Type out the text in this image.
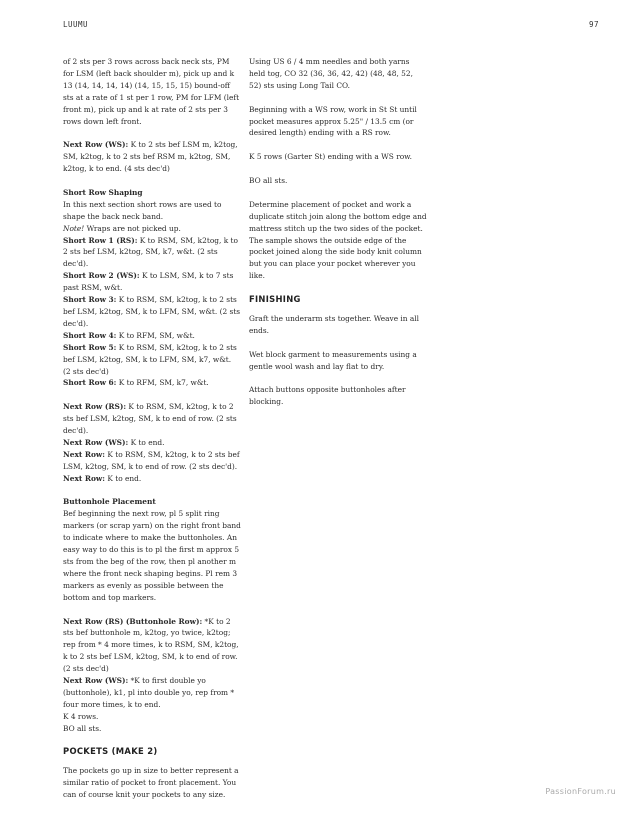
LUUMU	97

of 2 sts per 3 rows across back neck sts, PM for LSM (left back shoulder m), pick up and k 13 (14, 14, 14, 14) (14, 15, 15, 15) bound-off sts at a rate of 1 st per 1 row, PM for LFM (left front m), pick up and k at rate of 2 sts per 3 rows down left front.

Next Row (WS): K to 2 sts bef LSM m, k2tog, SM, k2tog, k to 2 sts bef RSM m, k2tog, SM, k2tog, k to end. (4 sts dec'd)

Short Row Shaping
In this next section short rows are used to shape the back neck band.
Note! Wraps are not picked up.
Short Row 1 (RS): K to RSM, SM, k2tog, k to 2 sts bef LSM, k2tog, SM, k7, w&t. (2 sts dec'd).
Short Row 2 (WS): K to LSM, SM, k to 7 sts past RSM, w&t.
Short Row 3: K to RSM, SM, k2tog, k to 2 sts bef LSM, k2tog, SM, k to LFM, SM, w&t. (2 sts dec'd).
Short Row 4: K to RFM, SM, w&t.
Short Row 5: K to RSM, SM, k2tog, k to 2 sts bef LSM, k2tog, SM, k to LFM, SM, k7, w&t. (2 sts dec'd)
Short Row 6: K to RFM, SM, k7, w&t.
Next Row (RS): K to RSM, SM, k2tog, k to 2 sts bef LSM, k2tog, SM, k to end of row. (2 sts dec'd).
Next Row (WS): K to end.
Next Row: K to RSM, SM, k2tog, k to 2 sts bef LSM, k2tog, SM, k to end of row. (2 sts dec'd).
Next Row: K to end.
Buttonhole Placement
Bef beginning the next row, pl 5 split ring markers (or scrap yarn) on the right front band to indicate where to make the buttonholes. An easy way to do this is to pl the first m approx 5 sts from the beg of the row, then pl another m where the front neck shaping begins. Pl rem 3 markers as evenly as possible between the bottom and top markers.
Next Row (RS) (Buttonhole Row): *K to 2 sts bef buttonhole m, k2tog, yo twice, k2tog; rep from * 4 more times, k to RSM, SM, k2tog, k to 2 sts bef LSM, k2tog, SM, k to end of row. (2 sts dec'd)
Next Row (WS): *K to first double yo (buttonhole), k1, pl into double yo, rep from * four more times, k to end.
K 4 rows.
BO all sts.
POCKETS (MAKE 2)

The pockets go up in size to better represent a similar ratio of pocket to front placement. You can of course knit your pockets to any size.

Using US 6 / 4 mm needles and both yarns held tog, CO 32 (36, 36, 42, 42) (48, 48, 52, 52) sts using Long Tail CO.

Beginning with a WS row, work in St St until pocket measures approx 5.25" / 13.5 cm (or desired length) ending with a RS row.

K 5 rows (Garter St) ending with a WS row.

BO all sts.

Determine placement of pocket and work a duplicate stitch join along the bottom edge and mattress stitch up the two sides of the pocket. The sample shows the outside edge of the pocket joined along the side body knit column but you can place your pocket wherever you like.

FINISHING

Graft the underarm sts together. Weave in all ends.

Wet block garment to measurements using a gentle wool wash and lay flat to dry.

Attach buttons opposite buttonholes after blocking.

PassionForum.ru
